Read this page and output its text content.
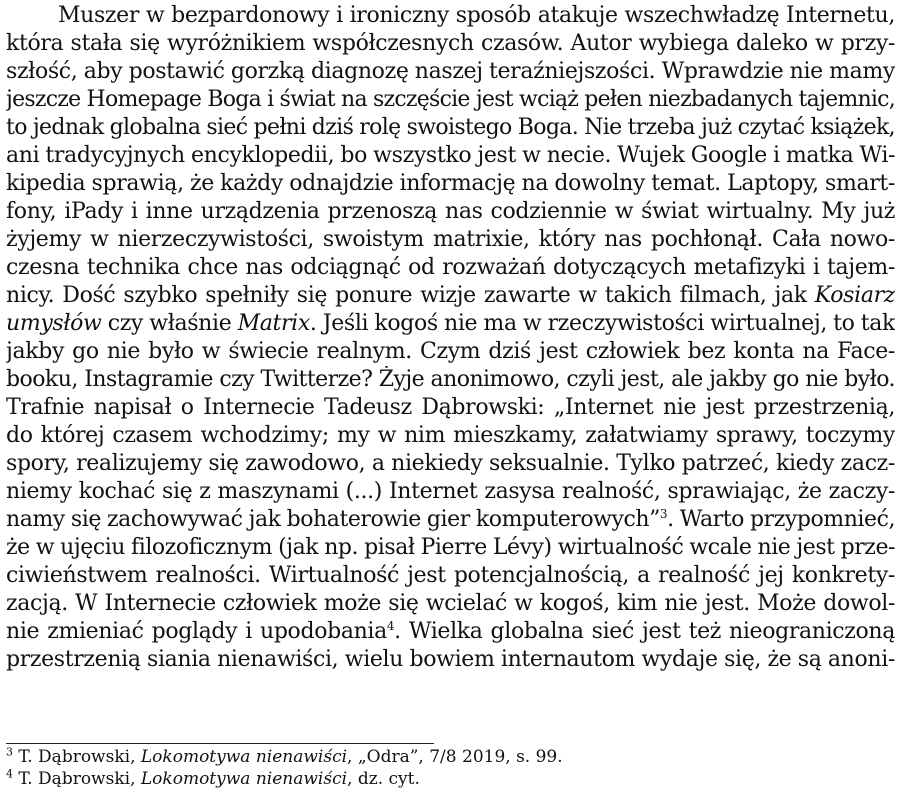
Muszer w bezpardonowy i ironiczny sposób atakuje wszechwładzę Internetu,
która stała się wyróżnikiem współczesnych czasów. Autor wybiega daleko w przy-
szłość, aby postawić gorzką diagnozę naszej teraźniejszości. Wprawdzie nie mamy
jeszcze Homepage Boga i świat na szczęście jest wciąż pełen niezbadanych tajemnic,
to jednak globalna sieć pełni dziś rolę swoistego Boga. Nie trzeba już czytać książek,
ani tradycyjnych encyklopedii, bo wszystko jest w necie. Wujek Google i matka Wi-
kipedia sprawią, że każdy odnajdzie informację na dowolny temat. Laptopy, smart-
fony, iPady i inne urządzenia przenoszą nas codziennie w świat wirtualny. My już
żyjemy w nierzeczywistości, swoistym matrixie, który nas pochłonął. Cała nowo-
czesna technika chce nas odciągnąć od rozważań dotyczących metafizyki i tajem-
nicy. Dość szybko spełniły się ponure wizje zawarte w takich filmach, jak Kosiarz
umysłów czy właśnie Matrix. Jeśli kogoś nie ma w rzeczywistości wirtualnej, to tak
jakby go nie było w świecie realnym. Czym dziś jest człowiek bez konta na Face-
booku, Instagramie czy Twitterze? Żyje anonimowo, czyli jest, ale jakby go nie było.
Trafnie napisał o Internecie Tadeusz Dąbrowski: „Internet nie jest przestrzenią,
do której czasem wchodzimy; my w nim mieszkamy, załatwiamy sprawy, toczymy
spory, realizujemy się zawodowo, a niekiedy seksualnie. Tylko patrzeć, kiedy zacz-
niemy kochać się z maszynami (...) Internet zasysa realność, sprawiając, że zaczy-
namy się zachowywać jak bohaterowie gier komputerowych”$^3$. Warto przypomnieć,
że w ujęciu filozoficznym (jak np. pisał Pierre Lévy) wirtualność wcale nie jest prze-
ciwieństwem realności. Wirtualność jest potencjalnością, a realność jej konkrety-
zacją. W Internecie człowiek może się wcielać w kogoś, kim nie jest. Może dowol-
nie zmieniać poglądy i upodobania$^4$. Wielka globalna sieć jest też nieograniczoną
przestrzenią siania nienawiści, wielu bowiem internautom wydaje się, że są anoni-
$^3$ T. Dąbrowski, Lokomotywa nienawiści, „Odra”, 7/8 2019, s. 99.
$^4$ T. Dąbrowski, Lokomotywa nienawiści, dz. cyt.
